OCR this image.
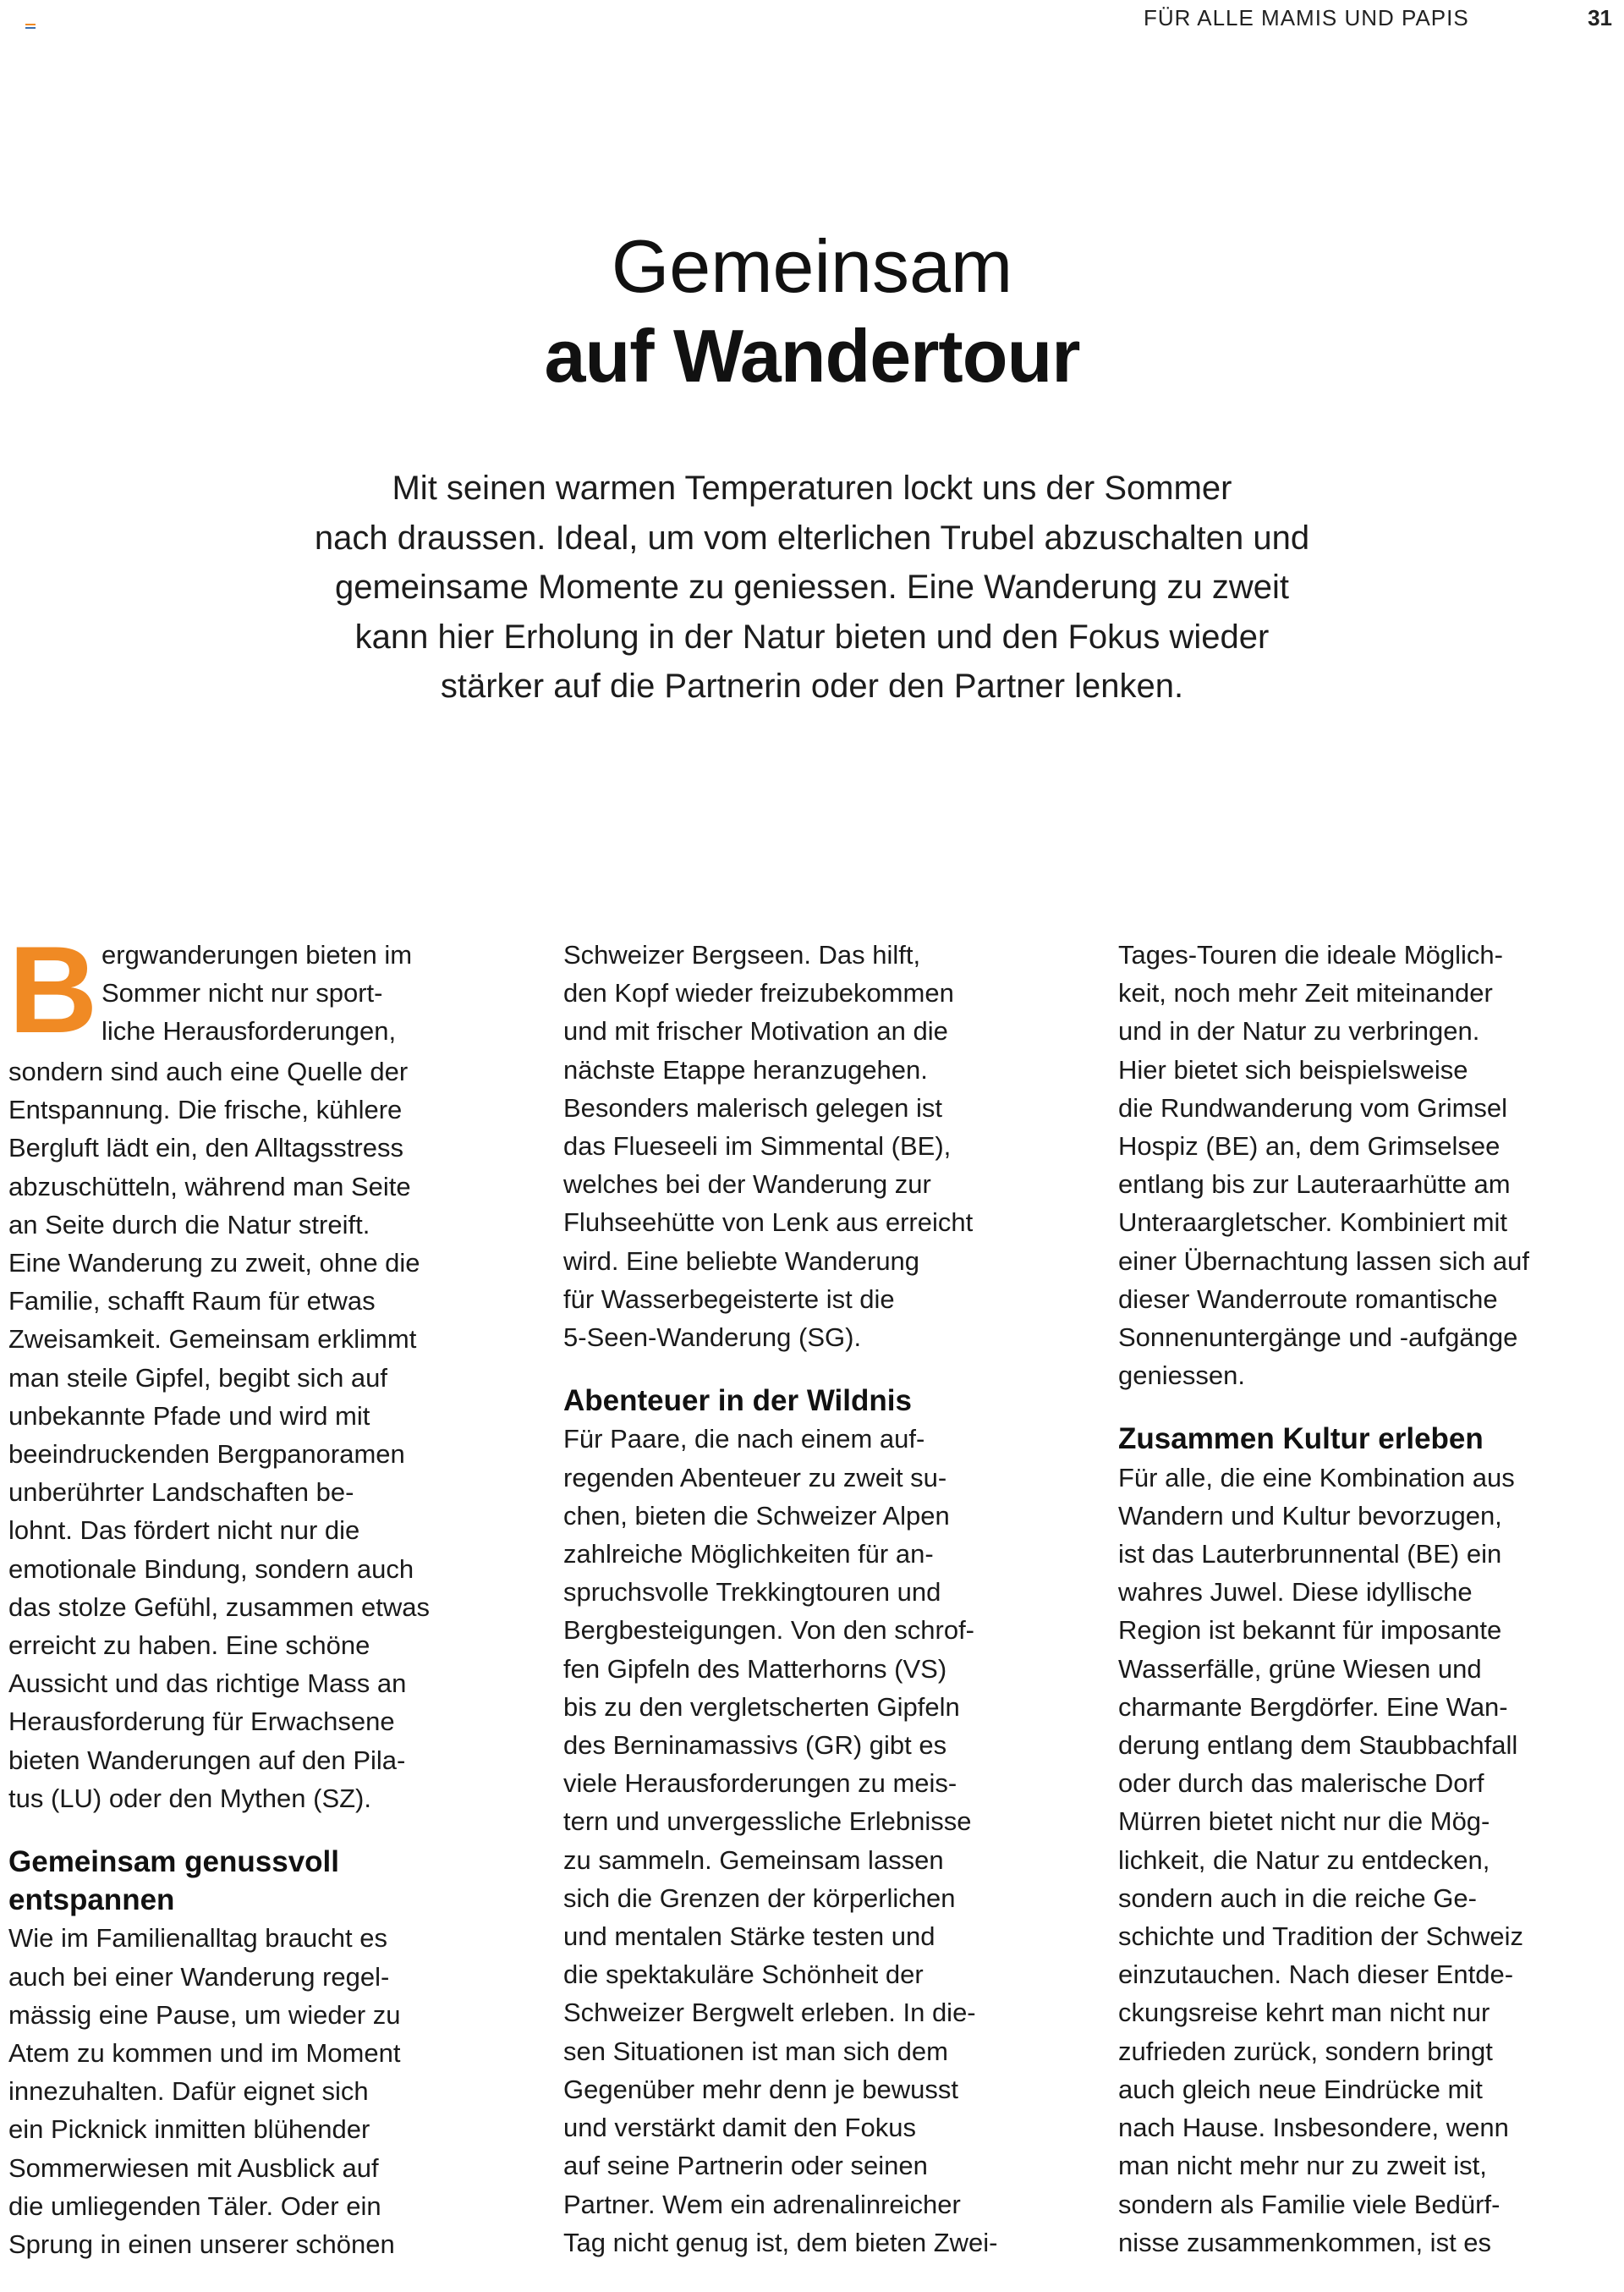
FÜR ALLE MAMIS UND PAPIS	31
Gemeinsam
auf Wandertour
Mit seinen warmen Temperaturen lockt uns der Sommer
nach draussen. Ideal, um vom elterlichen Trubel abzuschalten und
gemeinsame Momente zu geniessen. Eine Wanderung zu zweit
kann hier Erholung in der Natur bieten und den Fokus wieder
stärker auf die Partnerin oder den Partner lenken.
B ergwanderungen bieten im
Sommer nicht nur sport-
liche Herausforderungen,
sondern sind auch eine Quelle der
Entspannung. Die frische, kühlere
Bergluft lädt ein, den Alltagsstress
abzuschütteln, während man Seite
an Seite durch die Natur streift.
Eine Wanderung zu zweit, ohne die
Familie, schafft Raum für etwas
Zweisamkeit. Gemeinsam erklimmt
man steile Gipfel, begibt sich auf
unbekannte Pfade und wird mit
beeindruckenden Bergpanoramen
unberührter Landschaften be-
lohnt. Das fördert nicht nur die
emotionale Bindung, sondern auch
das stolze Gefühl, zusammen etwas
erreicht zu haben. Eine schöne
Aussicht und das richtige Mass an
Herausforderung für Erwachsene
bieten Wanderungen auf den Pila-
tus (LU) oder den Mythen (SZ).
Gemeinsam genussvoll
entspannen
Wie im Familienalltag braucht es
auch bei einer Wanderung regel-
mässig eine Pause, um wieder zu
Atem zu kommen und im Moment
innezuhalten. Dafür eignet sich
ein Picknick inmitten blühender
Sommerwiesen mit Ausblick auf
die umliegenden Täler. Oder ein
Sprung in einen unserer schönen
Schweizer Bergseen. Das hilft,
den Kopf wieder freizubekommen
und mit frischer Motivation an die
nächste Etappe heranzugehen.
Besonders malerisch gelegen ist
das Flueseeli im Simmental (BE),
welches bei der Wanderung zur
Fluhseehütte von Lenk aus erreicht
wird. Eine beliebte Wanderung
für Wasserbegeisterte ist die
5-Seen-Wanderung (SG).
Abenteuer in der Wildnis
Für Paare, die nach einem auf-
regenden Abenteuer zu zweit su-
chen, bieten die Schweizer Alpen
zahlreiche Möglichkeiten für an-
spruchsvolle Trekkingtouren und
Bergbesteigungen. Von den schrof-
fen Gipfeln des Matterhorns (VS)
bis zu den vergletscherten Gipfeln
des Berninamassivs (GR) gibt es
viele Herausforderungen zu meis-
tern und unvergessliche Erlebnisse
zu sammeln. Gemeinsam lassen
sich die Grenzen der körperlichen
und mentalen Stärke testen und
die spektakuläre Schönheit der
Schweizer Bergwelt erleben. In die-
sen Situationen ist man sich dem
Gegenüber mehr denn je bewusst
und verstärkt damit den Fokus
auf seine Partnerin oder seinen
Partner. Wem ein adrenalinreicher
Tag nicht genug ist, dem bieten Zwei-
Tages-Touren die ideale Möglich-
keit, noch mehr Zeit miteinander
und in der Natur zu verbringen.
Hier bietet sich beispielsweise
die Rundwanderung vom Grimsel
Hospiz (BE) an, dem Grimselsee
entlang bis zur Lauteraarhütte am
Unteraargletscher. Kombiniert mit
einer Übernachtung lassen sich auf
dieser Wanderroute romantische
Sonnenuntergänge und -aufgänge
geniessen.
Zusammen Kultur erleben
Für alle, die eine Kombination aus
Wandern und Kultur bevorzugen,
ist das Lauterbrunnental (BE) ein
wahres Juwel. Diese idyllische
Region ist bekannt für imposante
Wasserfälle, grüne Wiesen und
charmante Bergdörfer. Eine Wan-
derung entlang dem Staubbachfall
oder durch das malerische Dorf
Mürren bietet nicht nur die Mög-
lichkeit, die Natur zu entdecken,
sondern auch in die reiche Ge-
schichte und Tradition der Schweiz
einzutauchen. Nach dieser Entde-
ckungsreise kehrt man nicht nur
zufrieden zurück, sondern bringt
auch gleich neue Eindrücke mit
nach Hause. Insbesondere, wenn
man nicht mehr nur zu zweit ist,
sondern als Familie viele Bedürf-
nisse zusammenkommen, ist es
